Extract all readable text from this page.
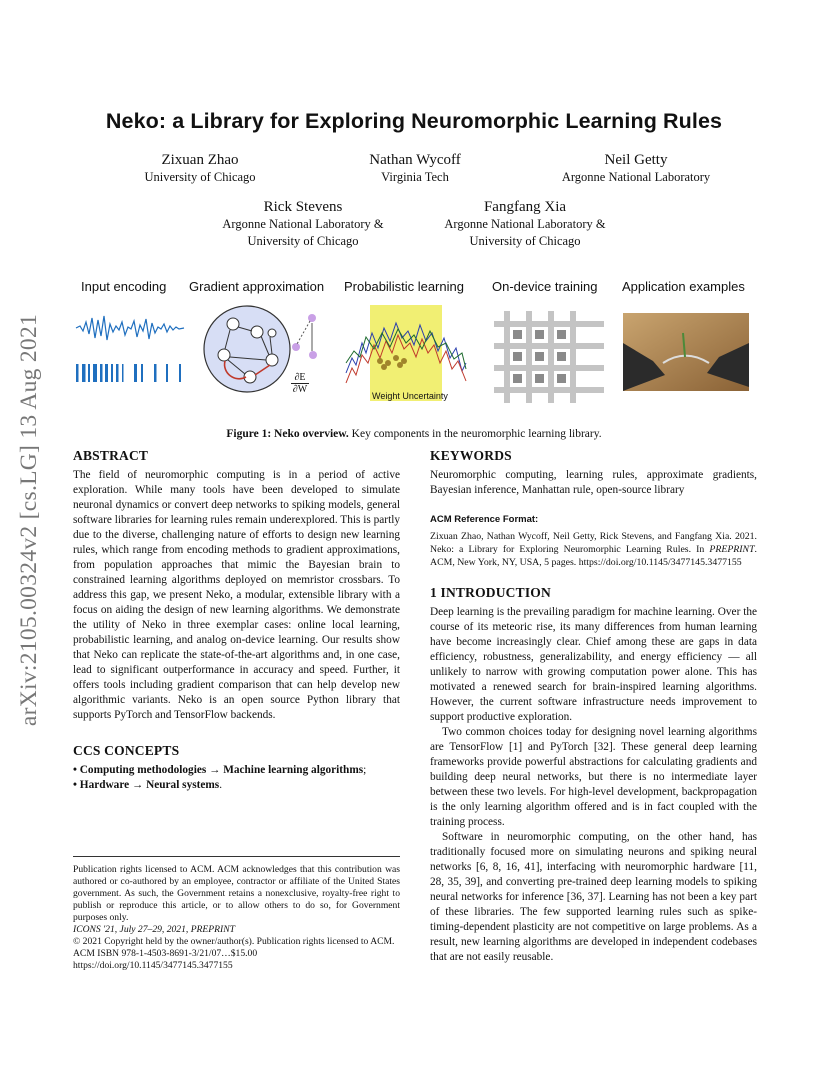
arXiv:2105.00324v2 [cs.LG] 13 Aug 2021
Neko: a Library for Exploring Neuromorphic Learning Rules
Zixuan Zhao
University of Chicago
Nathan Wycoff
Virginia Tech
Neil Getty
Argonne National Laboratory
Rick Stevens
Argonne National Laboratory &
University of Chicago
Fangfang Xia
Argonne National Laboratory &
University of Chicago
Input encoding Gradient approximation Probabilistic learning On-device training Application examples
$\frac{\partial E}{\partial W}$
Weight Uncertainty
Figure 1: Neko overview. Key components in the neuromorphic learning library.
ABSTRACT

The field of neuromorphic computing is in a period of active exploration. While many tools have been developed to simulate neuronal dynamics or convert deep networks to spiking models, general software libraries for learning rules remain underexplored. This is partly due to the diverse, challenging nature of efforts to design new learning rules, which range from encoding methods to gradient approximations, from population approaches that mimic the Bayesian brain to constrained learning algorithms deployed on memristor crossbars. To address this gap, we present Neko, a modular, extensible library with a focus on aiding the design of new learning algorithms. We demonstrate the utility of Neko in three exemplar cases: online local learning, probabilistic learning, and analog on-device learning. Our results show that Neko can replicate the state-of-the-art algorithms and, in one case, lead to significant outperformance in accuracy and speed. Further, it offers tools including gradient comparison that can help develop new algorithmic variants. Neko is an open source Python library that supports PyTorch and TensorFlow backends.

CCS CONCEPTS

• Computing methodologies → Machine learning algorithms;

• Hardware → Neural systems.

Publication rights licensed to ACM. ACM acknowledges that this contribution was authored or co-authored by an employee, contractor or affiliate of the United States government. As such, the Government retains a nonexclusive, royalty-free right to publish or reproduce this article, or to allow others to do so, for Government purposes only.

ICONS '21, July 27–29, 2021, PREPRINT

© 2021 Copyright held by the owner/author(s). Publication rights licensed to ACM.

ACM ISBN 978-1-4503-8691-3/21/07…$15.00

https://doi.org/10.1145/3477145.3477155

KEYWORDS

Neuromorphic computing, learning rules, approximate gradients, Bayesian inference, Manhattan rule, open-source library

ACM Reference Format:

Zixuan Zhao, Nathan Wycoff, Neil Getty, Rick Stevens, and Fangfang Xia. 2021. Neko: a Library for Exploring Neuromorphic Learning Rules. In PREPRINT. ACM, New York, NY, USA, 5 pages. https://doi.org/10.1145/3477145.3477155

1 INTRODUCTION

Deep learning is the prevailing paradigm for machine learning. Over the course of its meteoric rise, its many differences from human learning have become increasingly clear. Chief among these are gaps in data efficiency, robustness, generalizability, and energy efficiency — all unlikely to narrow with growing computation power alone. This has motivated a renewed search for brain-inspired learning algorithms. However, the current software infrastructure needs improvement to support productive exploration.

Two common choices today for designing novel learning algorithms are TensorFlow [1] and PyTorch [32]. These general deep learning frameworks provide powerful abstractions for calculating gradients and building deep neural networks, but there is no intermediate layer between these two levels. For high-level development, backpropagation is the only learning algorithm offered and is in fact coupled with the training process.

Software in neuromorphic computing, on the other hand, has traditionally focused more on simulating neurons and spiking neural networks [6, 8, 16, 41], interfacing with neuromorphic hardware [11, 28, 35, 39], and converting pre-trained deep learning models to spiking neural networks for inference [36, 37]. Learning has not been a key part of these libraries. The few supported learning rules such as spike-timing-dependent plasticity are not competitive on large problems. As a result, new learning algorithms are developed in independent codebases that are not easily reusable.
